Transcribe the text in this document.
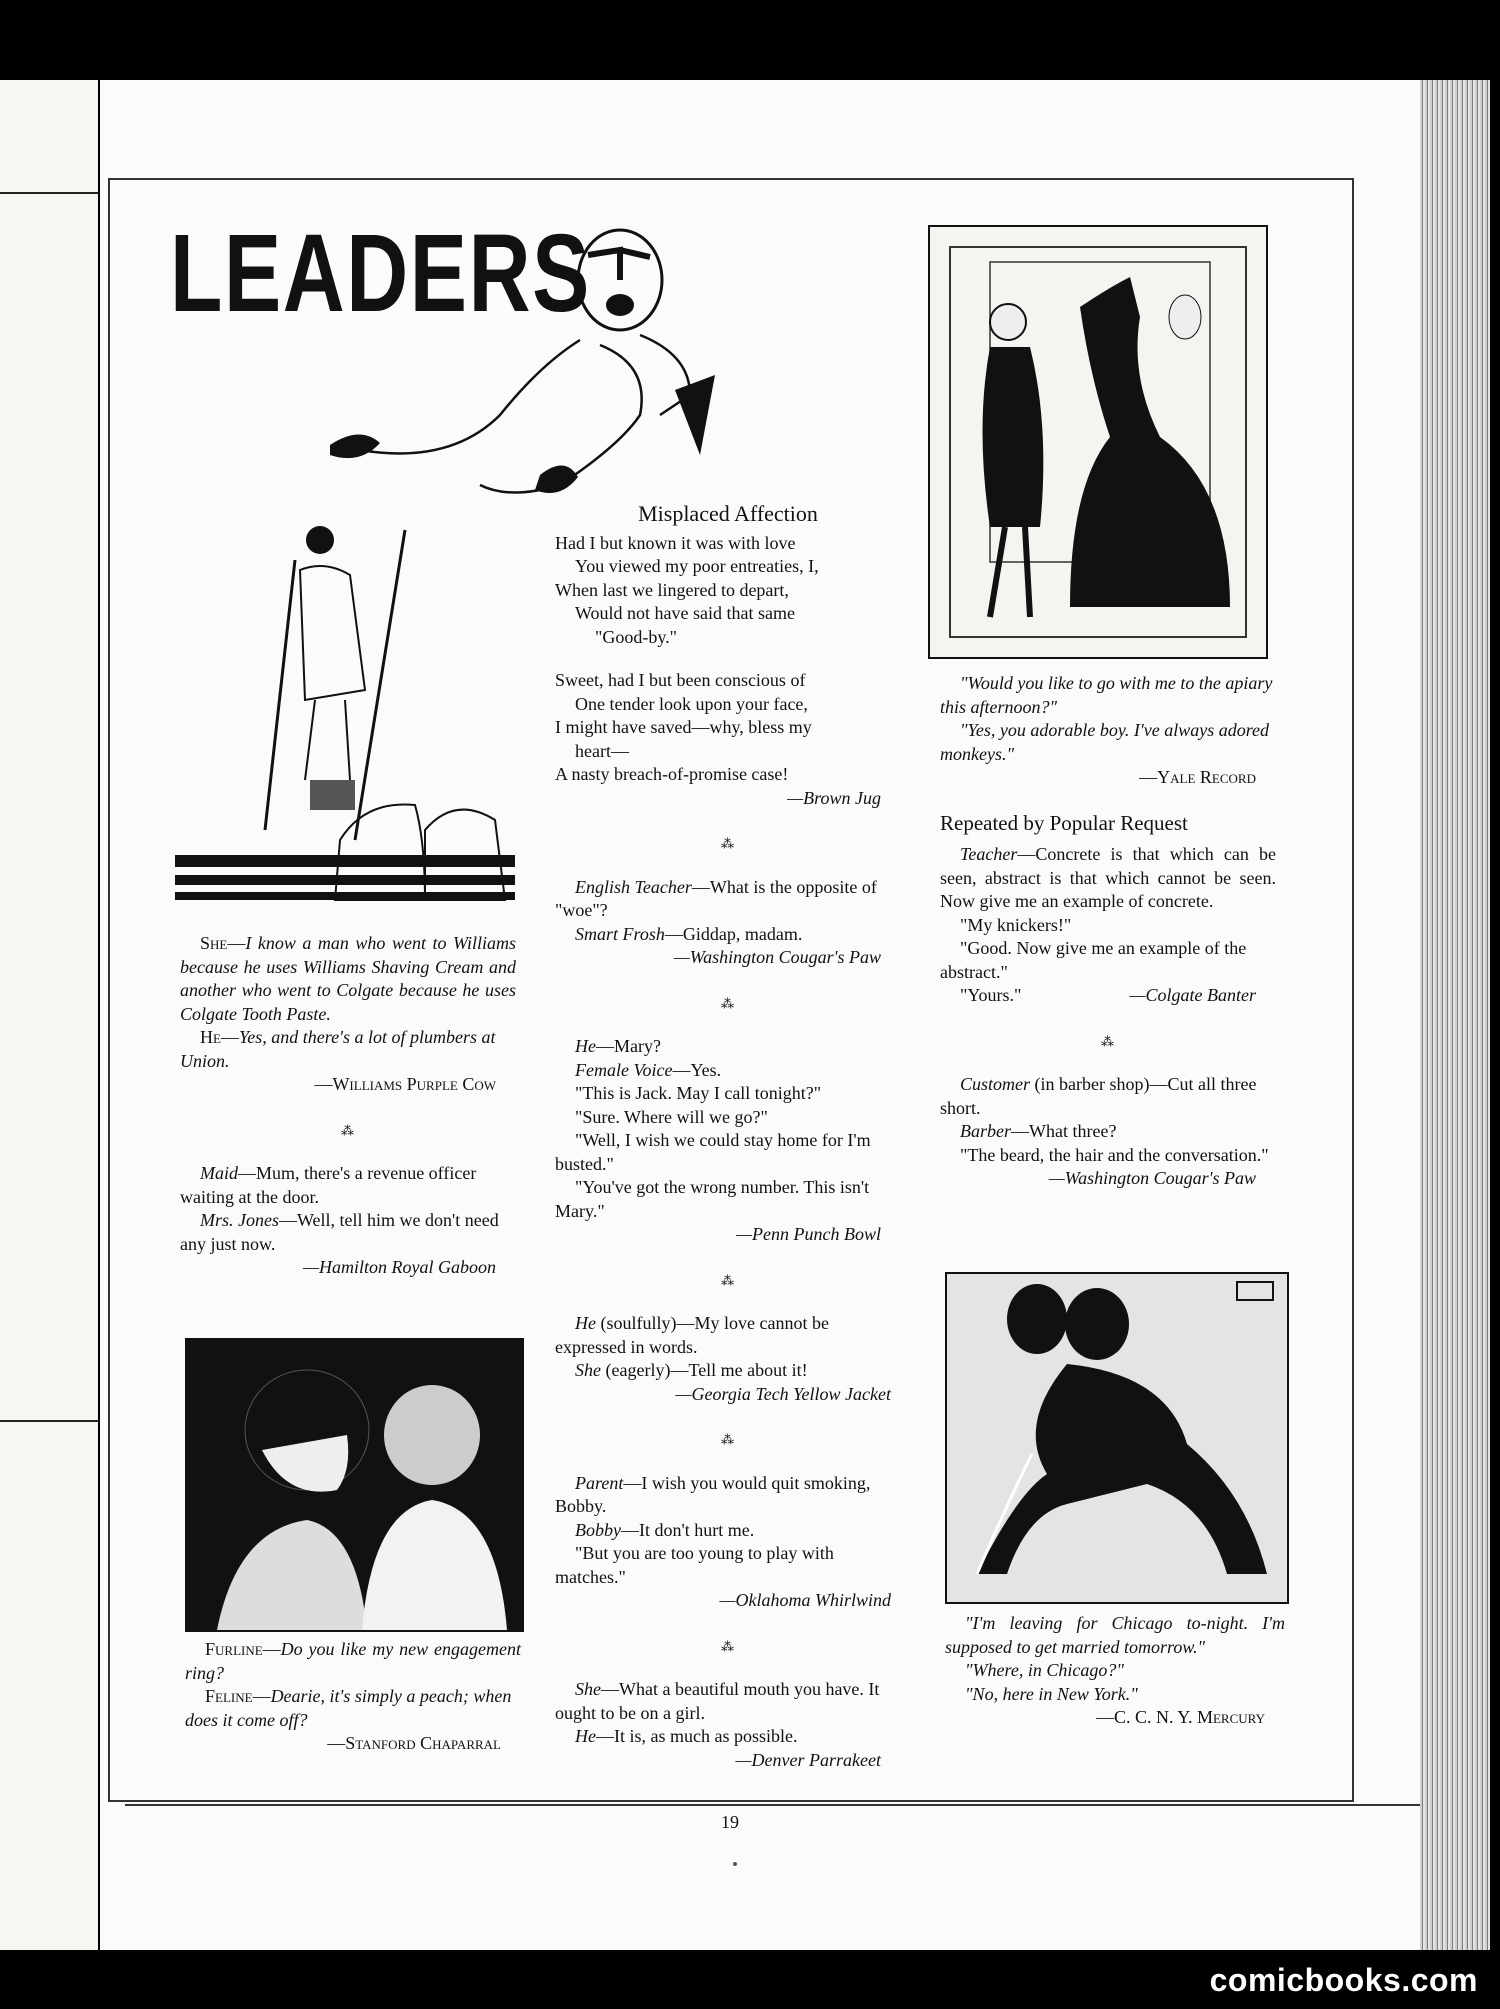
LEADERS

She—I know a man who went to Williams because he uses Williams Shaving Cream and another who went to Colgate because he uses Colgate Tooth Paste.

He—Yes, and there's a lot of plumbers at Union.

—Williams Purple Cow

⁂

Maid—Mum, there's a revenue officer waiting at the door.

Mrs. Jones—Well, tell him we don't need any just now.

—Hamilton Royal Gaboon

Furline—Do you like my new engagement ring?

Feline—Dearie, it's simply a peach; when does it come off?

—Stanford Chaparral

Misplaced Affection

Had I but known it was with love

You viewed my poor entreaties, I,

When last we lingered to depart,

Would not have said that same

"Good-by."

Sweet, had I but been conscious of

One tender look upon your face,

I might have saved—why, bless my

heart—

A nasty breach-of-promise case!

—Brown Jug

⁂

English Teacher—What is the opposite of "woe"?

Smart Frosh—Giddap, madam.

—Washington Cougar's Paw

⁂

He—Mary?

Female Voice—Yes.

"This is Jack. May I call tonight?"

"Sure. Where will we go?"

"Well, I wish we could stay home for I'm busted."

"You've got the wrong number. This isn't Mary."

—Penn Punch Bowl

⁂

He (soulfully)—My love cannot be expressed in words.

She (eagerly)—Tell me about it!

—Georgia Tech Yellow Jacket

⁂

Parent—I wish you would quit smoking, Bobby.

Bobby—It don't hurt me.

"But you are too young to play with matches."

—Oklahoma Whirlwind

⁂

She—What a beautiful mouth you have. It ought to be on a girl.

He—It is, as much as possible.

—Denver Parrakeet

"Would you like to go with me to the apiary this afternoon?"

"Yes, you adorable boy. I've always adored monkeys."

—Yale Record

Repeated by Popular Request

Teacher—Concrete is that which can be seen, abstract is that which cannot be seen. Now give me an example of concrete.

"My knickers!"

"Good. Now give me an example of the abstract."

"Yours."	—Colgate Banter

⁂

Customer (in barber shop)—Cut all three short.

Barber—What three?

"The beard, the hair and the conversation."

—Washington Cougar's Paw

"I'm leaving for Chicago to-night. I'm supposed to get married tomorrow."

"Where, in Chicago?"

"No, here in New York."

—C. C. N. Y. Mercury

19
comicbooks.com
